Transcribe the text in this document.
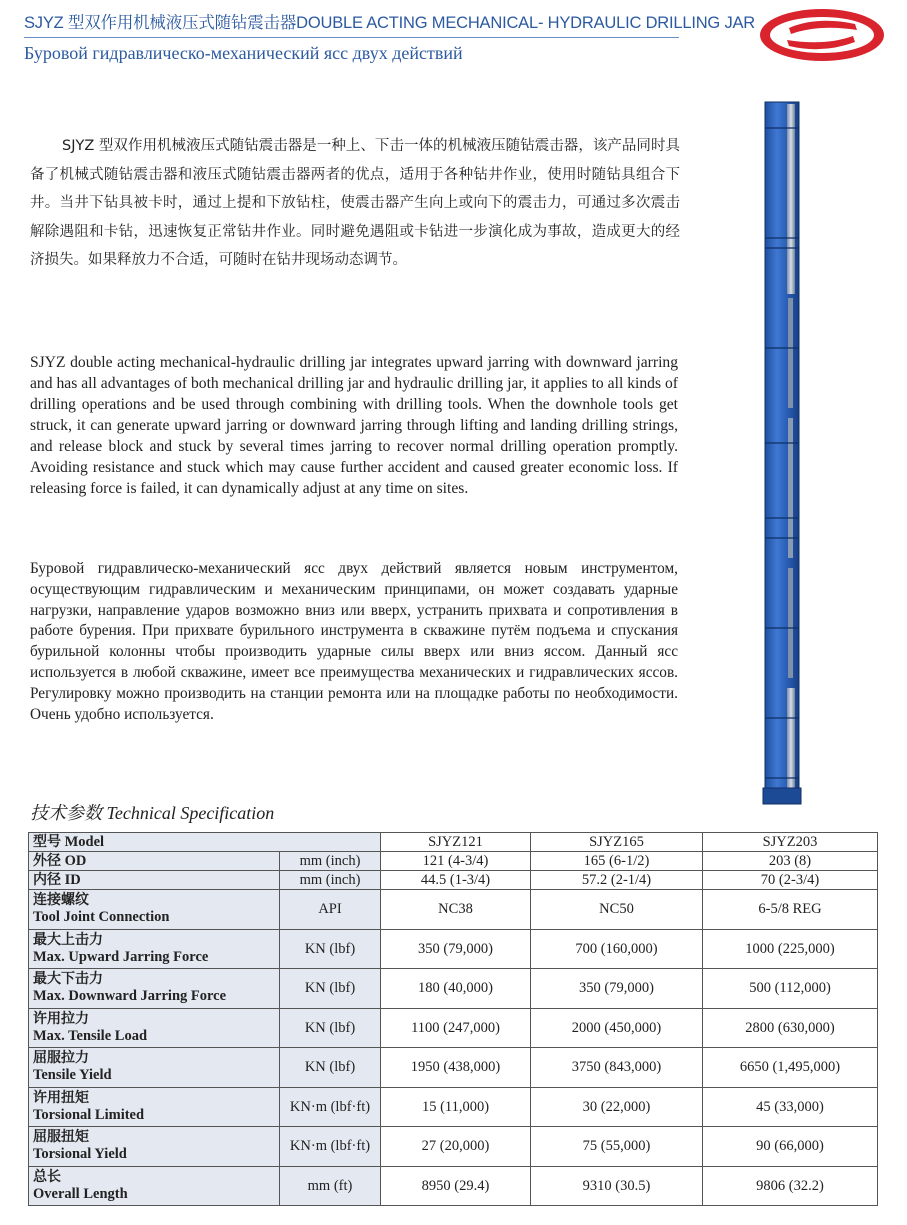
SJYZ 型双作用机械液压式随钻震击器DOUBLE ACTING MECHANICAL- HYDRAULIC DRILLING JAR
Буровой гидравлическо-механический ясс двух действий

SJYZ 型双作用机械液压式随钻震击器是一种上、下击一体的机械液压随钻震击器，该产品同时具备了机械式随钻震击器和液压式随钻震击器两者的优点，适用于各种钻井作业，使用时随钻具组合下井。当井下钻具被卡时，通过上提和下放钻柱，使震击器产生向上或向下的震击力，可通过多次震击解除遇阻和卡钻，迅速恢复正常钻井作业。同时避免遇阻或卡钻进一步演化成为事故，造成更大的经济损失。如果释放力不合适，可随时在钻井现场动态调节。

SJYZ double acting mechanical-hydraulic drilling jar integrates upward jarring with downward jarring and has all advantages of both mechanical drilling jar and hydraulic drilling jar, it applies to all kinds of drilling operations and be used through combining with drilling tools. When the downhole tools get struck, it can generate upward jarring or downward jarring through lifting and landing drilling strings, and release block and stuck by several times jarring to recover normal drilling operation promptly. Avoiding resistance and stuck which may cause further accident and caused greater economic loss. If releasing force is failed, it can dynamically adjust at any time on sites.

Буровой гидравлическо-механический ясс двух действий является новым инструментом, осуществующим гидравлическим и механическим принципами, он может создавать ударные нагрузки, направление ударов возможно вниз или вверх, устранить прихвата и сопротивления в работе бурения. При прихвате бурильного инструмента в скважине путём подъема и спускания бурильной колонны чтобы производить ударные силы вверх или вниз яссом. Данный ясс используется в любой скважине, имеет все преимущества механических и гидравлических яссов. Регулировку можно производить на станции ремонта или на площадке работы по необходимости. Очень удобно используется.

技术参数 Technical Specification
型号 Model		SJYZ121	SJYZ165	SJYZ203
外径 OD	mm (inch)	121 (4-3/4)	165 (6-1/2)	203 (8)
内径 ID	mm (inch)	44.5 (1-3/4)	57.2 (2-1/4)	70 (2-3/4)

连接螺纹
Tool Joint Connection	API	NC38	NC50	6-5/8 REG

最大上击力
Max. Upward Jarring Force	KN (lbf)	350 (79,000)	700 (160,000)	1000 (225,000)

最大下击力
Max. Downward Jarring Force	KN (lbf)	180 (40,000)	350 (79,000)	500 (112,000)

许用拉力
Max. Tensile Load	KN (lbf)	1100 (247,000)	2000 (450,000)	2800 (630,000)

屈服拉力
Tensile Yield	KN (lbf)	1950 (438,000)	3750 (843,000)	6650 (1,495,000)

许用扭矩
Torsional Limited	KN·m (lbf·ft)	15 (11,000)	30 (22,000)	45 (33,000)

屈服扭矩
Torsional Yield	KN·m (lbf·ft)	27 (20,000)	75 (55,000)	90 (66,000)

总长
Overall Length	mm (ft)	8950 (29.4)	9310 (30.5)	9806 (32.2)
